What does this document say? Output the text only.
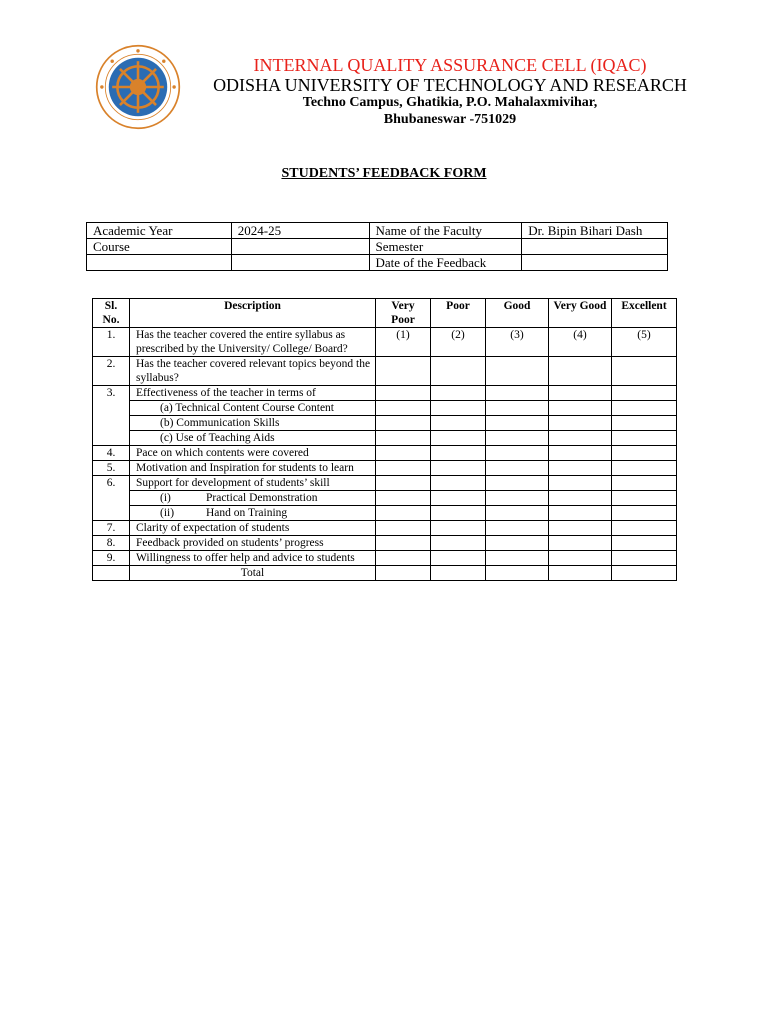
INTERNAL QUALITY ASSURANCE CELL (IQAC)
ODISHA UNIVERSITY OF TECHNOLOGY AND RESEARCH
Techno Campus, Ghatikia, P.O. Mahalaxmivihar,
Bhubaneswar -751029
STUDENTS’ FEEDBACK FORM
Academic Year	2024-25	Name of the Faculty	Dr. Bipin Bihari Dash
Course		Semester	
		Date of the Feedback	
Sl. No.	Description	Very Poor	Poor	Good	Very Good	Excellent
1.	Has the teacher covered the entire syllabus as prescribed by the University/ College/ Board?	(1)	(2)	(3)	(4)	(5)
2.	Has the teacher covered relevant topics beyond the syllabus?					
3.	Effectiveness of the teacher in terms of					
	(a) Technical Content Course Content					
	(b) Communication Skills					
	(c) Use of Teaching Aids					
4.	Pace on which contents were covered					
5.	Motivation and Inspiration for students to learn					
6.	Support for development of students’ skill					
	(i) Practical Demonstration					
	(ii) Hand on Training					
7.	Clarity of expectation of students					
8.	Feedback provided on students’ progress					
9.	Willingness to offer help and advice to students					
	Total					
